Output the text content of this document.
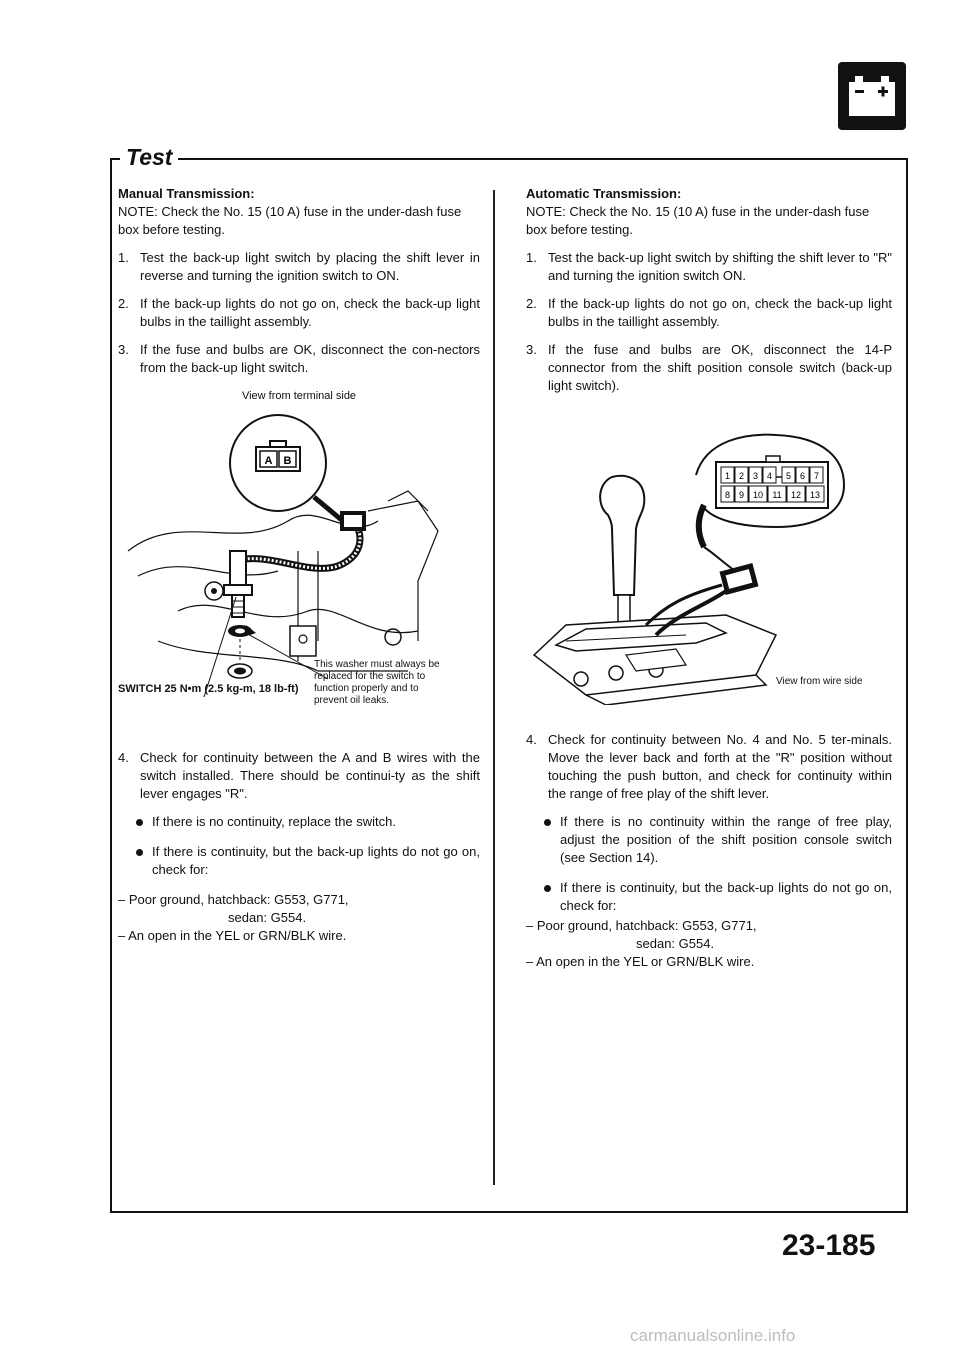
Test
Manual Transmission:
NOTE: Check the No. 15 (10 A) fuse in the under-dash fuse box before testing.
1. Test the back-up light switch by placing the shift lever in reverse and turning the ignition switch to ON.
2. If the back-up lights do not go on, check the back-up light bulbs in the taillight assembly.
3. If the fuse and bulbs are OK, disconnect the con-nectors from the back-up light switch.
View from terminal side
A B
SWITCH 25 N•m (2.5 kg-m, 18 lb-ft)
This washer must always be replaced for the switch to function properly and to prevent oil leaks.
4. Check for continuity between the A and B wires with the switch installed. There should be continui-ty as the shift lever engages "R".
If there is no continuity, replace the switch.
If there is continuity, but the back-up lights do not go on, check for:
– Poor ground, hatchback: G553, G771,
sedan: G554.
– An open in the YEL or GRN/BLK wire.
Automatic Transmission:
NOTE: Check the No. 15 (10 A) fuse in the under-dash fuse box before testing.
1. Test the back-up light switch by shifting the shift lever to "R" and turning the ignition switch ON.
2. If the back-up lights do not go on, check the back-up light bulbs in the taillight assembly.
3. If the fuse and bulbs are OK, disconnect the 14-P connector from the shift position console switch (back-up light switch).
1 2 3 4 5 6 7
8 9 10 11 12 13
View from wire side
4. Check for continuity between No. 4 and No. 5 ter-minals. Move the lever back and forth at the "R" position without touching the push button, and check for continuity within the range of free play of the shift lever.
If there is no continuity within the range of free play, adjust the position of the shift position console switch (see Section 14).
If there is continuity, but the back-up lights do not go on, check for:
– Poor ground, hatchback: G553, G771,
sedan: G554.
– An open in the YEL or GRN/BLK wire.
23-185
carmanualsonline.info
